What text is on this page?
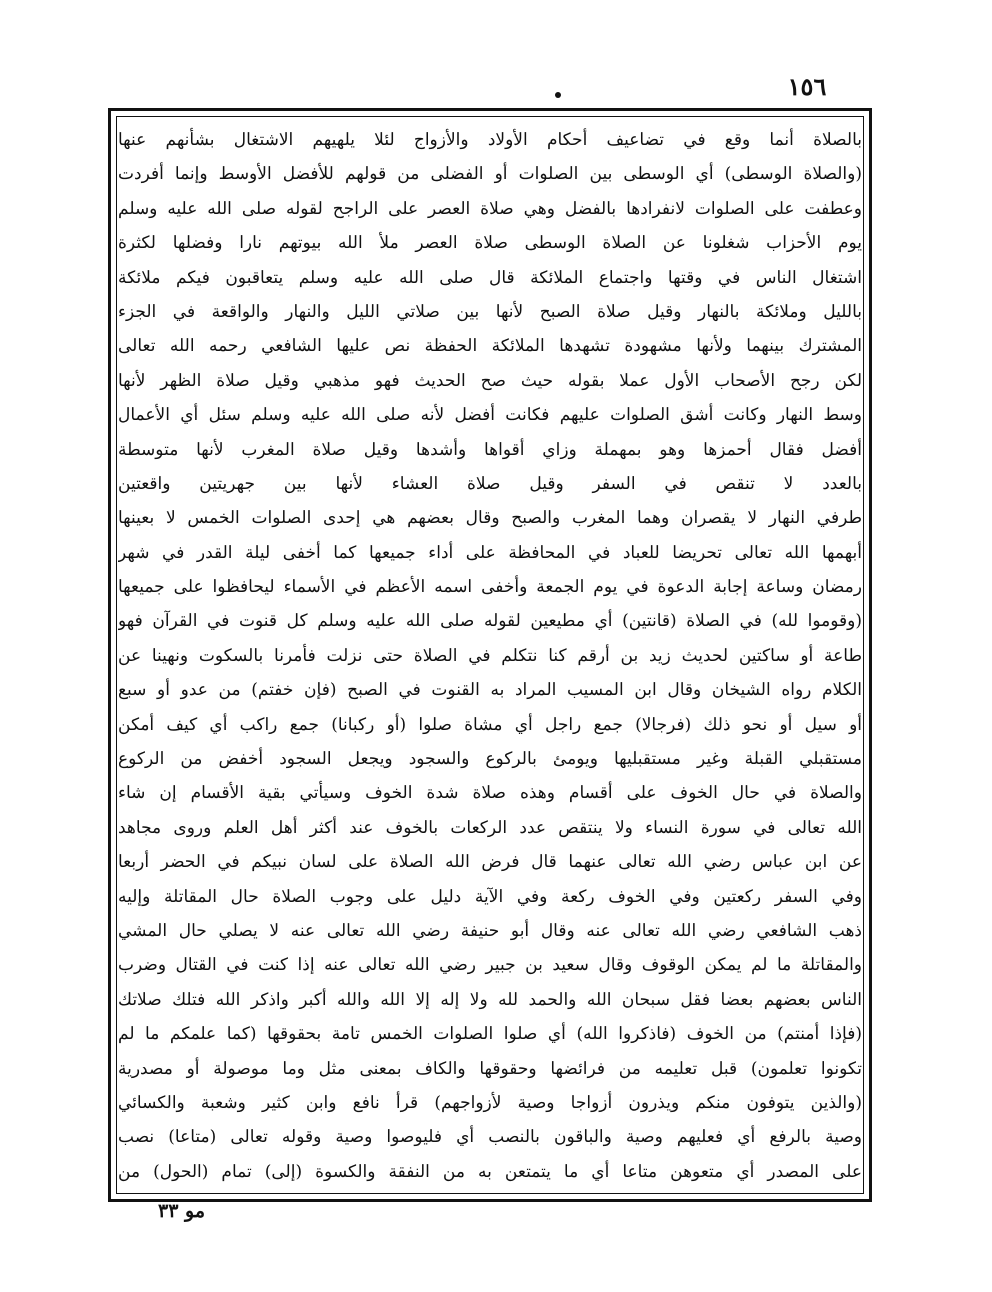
١٥٦
بالصلاة أنما وقع في تضاعيف أحكام الأولاد والأزواج لئلا يلهيهم الاشتغال بشأنهم عنها
(والصلاة الوسطى) أي الوسطى بين الصلوات أو الفضلى من قولهم للأفضل الأوسط وإنما أفردت
وعطفت على الصلوات لانفرادها بالفضل وهي صلاة العصر على الراجح لقوله صلى الله عليه وسلم
يوم الأحزاب شغلونا عن الصلاة الوسطى صلاة العصر ملأ الله بيوتهم نارا وفضلها لكثرة
اشتغال الناس في وقتها واجتماع الملائكة قال صلى الله عليه وسلم يتعاقبون فيكم ملائكة
بالليل وملائكة بالنهار وقيل صلاة الصبح لأنها بين صلاتي الليل والنهار والواقعة في الجزء
المشترك بينهما ولأنها مشهودة تشهدها الملائكة الحفظة نص عليها الشافعي رحمه الله تعالى
لكن رجح الأصحاب الأول عملا بقوله حيث صح الحديث فهو مذهبي وقيل صلاة الظهر لأنها
وسط النهار وكانت أشق الصلوات عليهم فكانت أفضل لأنه صلى الله عليه وسلم سئل أي الأعمال
أفضل فقال أحمزها وهو بمهملة وزاي أقواها وأشدها وقيل صلاة المغرب لأنها متوسطة
بالعدد لا تنقص في السفر وقيل صلاة العشاء لأنها بين جهريتين واقعتين
طرفي النهار لا يقصران وهما المغرب والصبح وقال بعضهم هي إحدى الصلوات الخمس لا بعينها
أبهمها الله تعالى تحريضا للعباد في المحافظة على أداء جميعها كما أخفى ليلة القدر في شهر
رمضان وساعة إجابة الدعوة في يوم الجمعة وأخفى اسمه الأعظم في الأسماء ليحافظوا على جميعها
(وقوموا لله) في الصلاة (قانتين) أي مطيعين لقوله صلى الله عليه وسلم كل قنوت في القرآن فهو
طاعة أو ساكتين لحديث زيد بن أرقم كنا نتكلم في الصلاة حتى نزلت فأمرنا بالسكوت ونهينا عن
الكلام رواه الشيخان وقال ابن المسيب المراد به القنوت في الصبح (فإن خفتم) من عدو أو سبع
أو سيل أو نحو ذلك (فرجالا) جمع راجل أي مشاة صلوا (أو ركبانا) جمع راكب أي كيف أمكن
مستقبلي القبلة وغير مستقبليها ويومئ بالركوع والسجود ويجعل السجود أخفض من الركوع
والصلاة في حال الخوف على أقسام وهذه صلاة شدة الخوف وسيأتي بقية الأقسام إن شاء
الله تعالى في سورة النساء ولا ينتقص عدد الركعات بالخوف عند أكثر أهل العلم وروى مجاهد
عن ابن عباس رضي الله تعالى عنهما قال فرض الله الصلاة على لسان نبيكم في الحضر أربعا
وفي السفر ركعتين وفي الخوف ركعة وفي الآية دليل على وجوب الصلاة حال المقاتلة وإليه
ذهب الشافعي رضي الله تعالى عنه وقال أبو حنيفة رضي الله تعالى عنه لا يصلي حال المشي
والمقاتلة ما لم يمكن الوقوف وقال سعيد بن جبير رضي الله تعالى عنه إذا كنت في القتال وضرب
الناس بعضهم بعضا فقل سبحان الله والحمد لله ولا إله إلا الله والله أكبر واذكر الله فتلك صلاتك
(فإذا أمنتم) من الخوف (فاذكروا الله) أي صلوا الصلوات الخمس تامة بحقوقها (كما علمكم ما لم
تكونوا تعلمون) قبل تعليمه من فرائضها وحقوقها والكاف بمعنى مثل وما موصولة أو مصدرية
(والذين يتوفون منكم ويذرون أزواجا وصية لأزواجهم) قرأ نافع وابن كثير وشعبة والكسائي
وصية بالرفع أي فعليهم وصية والباقون بالنصب أي فليوصوا وصية وقوله تعالى (متاعا) نصب
على المصدر أي متعوهن متاعا أي ما يتمتعن به من النفقة والكسوة (إلى) تمام (الحول) من
مو ٣٣
